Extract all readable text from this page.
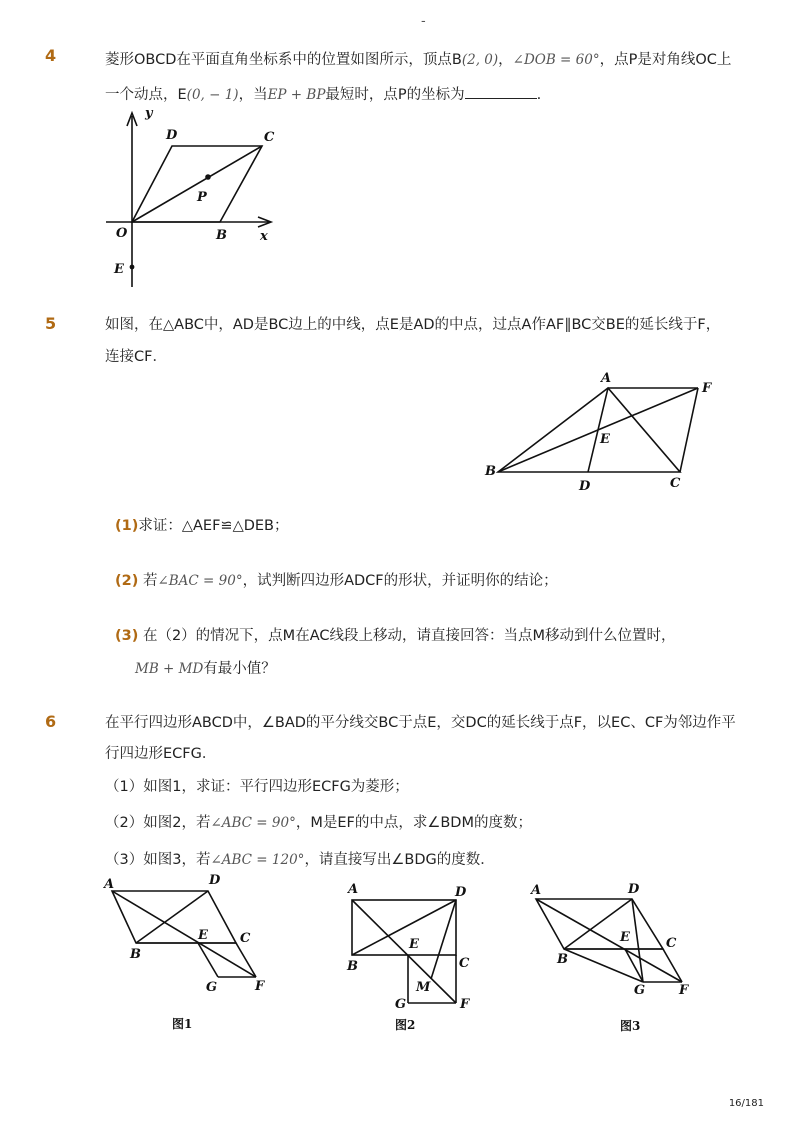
-
4	菱形OBCD在平面直角坐标系中的位置如图所示，顶点B(2, 0)，∠DOB = 60°，点P是对角线OC上
一个动点，E(0, − 1)，当EP + BP最短时，点P的坐标为	.
y
x
O	B
C
D
P
E
5	如图，在△ABC中，AD是BC边上的中线，点E是AD的中点，过点A作AF∥BC交BE的延长线于F，
连接CF．
A
B
C
D
E
F
(1)求证：△AEF≌△DEB；
(2) 若∠BAC = 90°，试判断四边形ADCF的形状，并证明你的结论；
(3) 在（2）的情况下，点M在AC线段上移动，请直接回答：当点M移动到什么位置时，
MB + MD有最小值？
6	在平行四边形ABCD中，∠BAD的平分线交BC于点E，交DC的延长线于点F，以EC、CF为邻边作平
行四边形ECFG．
（1）如图1，求证：平行四边形ECFG为菱形；
（2）如图2，若∠ABC = 90°，M是EF的中点，求∠BDM的度数；
（3）如图3，若∠ABC = 120°，请直接写出∠BDG的度数．
A	D
B
C
E
G	F
图1
A	D
B	C
E
M
G	F
图2
A	D
B
C
E
G	F
图3
16/181
